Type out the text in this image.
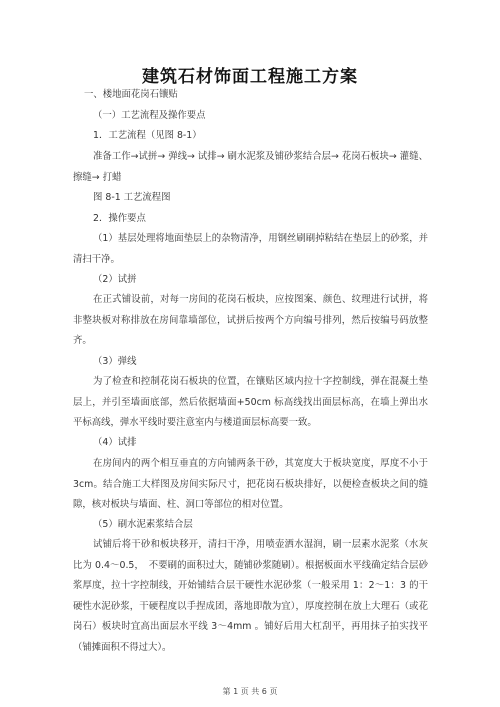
建筑石材饰面工程施工方案
一、楼地面花岗石镶贴
（一）工艺流程及操作要点
1．工艺流程（见图 8-1）
准备工作→试拼→ 弹线→ 试排→ 刷水泥浆及铺砂浆结合层→ 花岗石板块→ 灌缝、擦缝→ 打蜡
图 8-1 工艺流程图
2．操作要点
（1）基层处理将地面垫层上的杂物清净，用钢丝刷刷掉粘结在垫层上的砂浆，并清扫干净。
（2）试拼
在正式铺设前，对每一房间的花岗石板块，应按图案、颜色、纹理进行试拼，将非整块板对称排放在房间靠墙部位，试拼后按两个方向编号排列，然后按编号码放整齐。
（3）弹线
为了检查和控制花岗石板块的位置，在镶贴区域内拉十字控制线，弹在混凝土垫层上，并引至墙面底部，然后依据墙面+50cm 标高线找出面层标高，在墙上弹出水平标高线，弹水平线时要注意室内与楼道面层标高要一致。
（4）试排
在房间内的两个相互垂直的方向铺两条干砂，其宽度大于板块宽度，厚度不小于3cm。结合施工大样图及房间实际尺寸，把花岗石板块排好，以便检查板块之间的缝隙，核对板块与墙面、柱、洞口等部位的相对位置。
（5）刷水泥素浆结合层
试铺后将干砂和板块移开，清扫干净，用喷壶洒水湿润，刷一层素水泥浆（水灰比为 0.4～0.5，　不要刷的面积过大，随铺砂浆随刷）。根据板面水平线确定结合层砂浆厚度，拉十字控制线，开始铺结合层干硬性水泥砂浆（一般采用 1：2～1：3 的干硬性水泥砂浆，干硬程度以手捏成团，落地即散为宜），厚度控制在放上大理石（或花岗石）板块时宜高出面层水平线 3～4mm 。铺好后用大杠刮平，再用抹子拍实找平（铺摊面积不得过大）。
第 1 页 共 6 页
